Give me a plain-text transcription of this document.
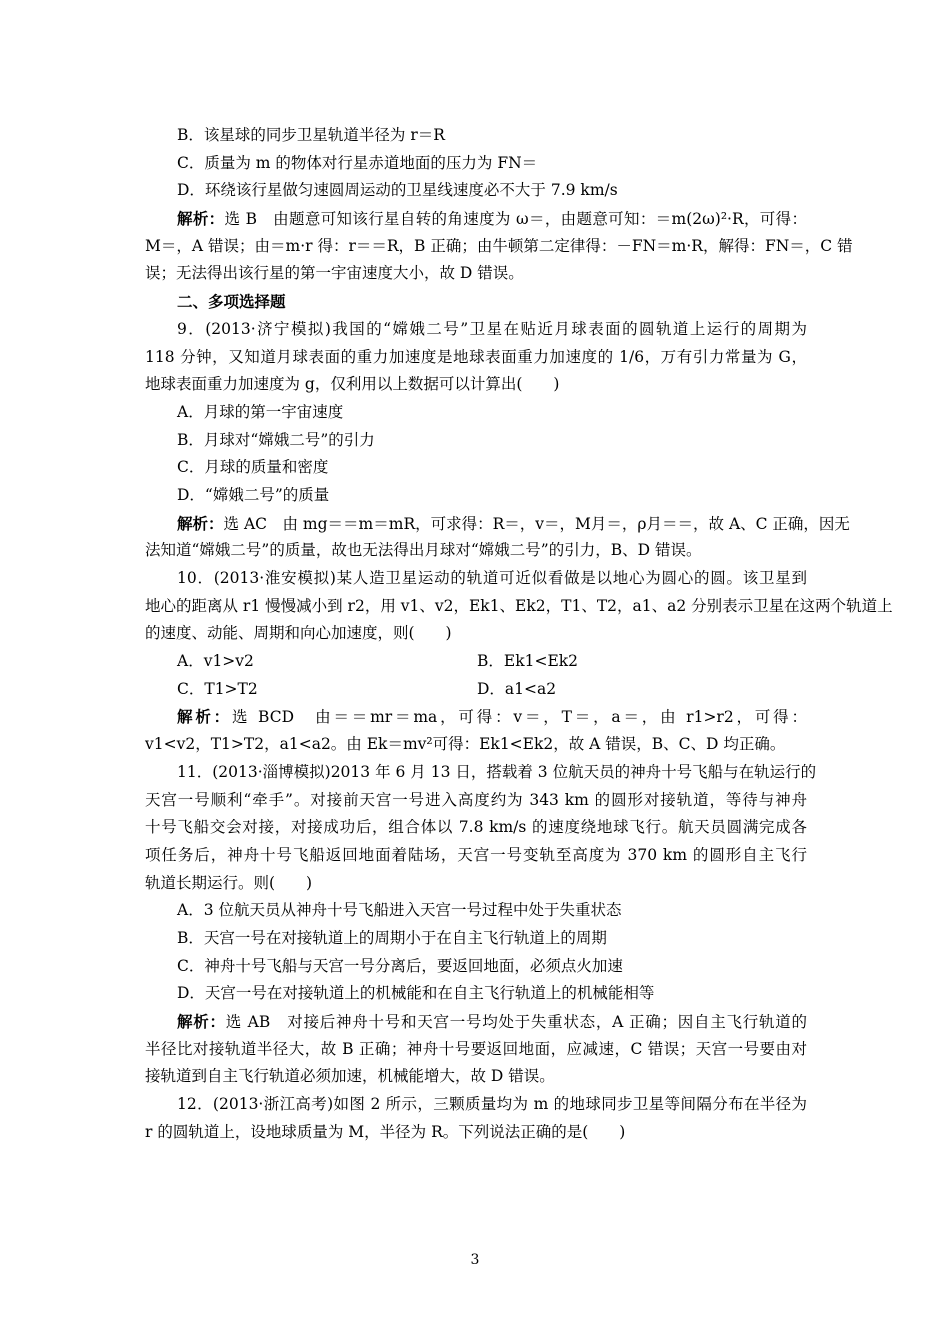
B．该星球的同步卫星轨道半径为 r＝R
C．质量为 m 的物体对行星赤道地面的压力为 FN＝
D．环绕该行星做匀速圆周运动的卫星线速度必不大于 7.9 km/s
解析：选 B　由题意可知该行星自转的角速度为 ω＝，由题意可知：＝m(2ω)²·R，可得：
M＝，A 错误；由＝m·r 得：r＝＝R，B 正确；由牛顿第二定律得：－FN＝m·R，解得：FN＝，C 错
误；无法得出该行星的第一宇宙速度大小，故 D 错误。
二、多项选择题
9．(2013·济宁模拟)我国的“嫦娥二号”卫星在贴近月球表面的圆轨道上运行的周期为
118 分钟，又知道月球表面的重力加速度是地球表面重力加速度的 1/6，万有引力常量为 G，
地球表面重力加速度为 g，仅利用以上数据可以计算出(　　)
A．月球的第一宇宙速度
B．月球对“嫦娥二号”的引力
C．月球的质量和密度
D．“嫦娥二号”的质量
解析：选 AC　由 mg＝＝m＝mR，可求得：R＝，v＝，M月＝，ρ月＝＝，故 A、C 正确，因无
法知道“嫦娥二号”的质量，故也无法得出月球对“嫦娥二号”的引力，B、D 错误。
10．(2013·淮安模拟)某人造卫星运动的轨道可近似看做是以地心为圆心的圆。该卫星到
地心的距离从 r1 慢慢减小到 r2，用 v1、v2，Ek1、Ek2，T1、T2，a1、a2 分别表示卫星在这两个轨道上
的速度、动能、周期和向心加速度，则(　　)
A．v1>v2	B．Ek1<Ek2
C．T1>T2	D．a1<a2
解析：选 BCD　由＝＝mr＝ma，可得：v＝，T＝，a＝，由 r1>r2，可得：
v1<v2，T1>T2，a1<a2。由 Ek＝mv²可得：Ek1<Ek2，故 A 错误，B、C、D 均正确。
11．(2013·淄博模拟)2013 年 6 月 13 日，搭载着 3 位航天员的神舟十号飞船与在轨运行的
天宫一号顺利“牵手”。对接前天宫一号进入高度约为 343 km 的圆形对接轨道，等待与神舟
十号飞船交会对接，对接成功后，组合体以 7.8 km/s 的速度绕地球飞行。航天员圆满完成各
项任务后，神舟十号飞船返回地面着陆场，天宫一号变轨至高度为 370 km 的圆形自主飞行
轨道长期运行。则(　　)
A．3 位航天员从神舟十号飞船进入天宫一号过程中处于失重状态
B．天宫一号在对接轨道上的周期小于在自主飞行轨道上的周期
C．神舟十号飞船与天宫一号分离后，要返回地面，必须点火加速
D．天宫一号在对接轨道上的机械能和在自主飞行轨道上的机械能相等
解析：选 AB　对接后神舟十号和天宫一号均处于失重状态，A 正确；因自主飞行轨道的
半径比对接轨道半径大，故 B 正确；神舟十号要返回地面，应减速，C 错误；天宫一号要由对
接轨道到自主飞行轨道必须加速，机械能增大，故 D 错误。
12．(2013·浙江高考)如图 2 所示，三颗质量均为 m 的地球同步卫星等间隔分布在半径为
r 的圆轨道上，设地球质量为 M，半径为 R。下列说法正确的是(　　)
3
